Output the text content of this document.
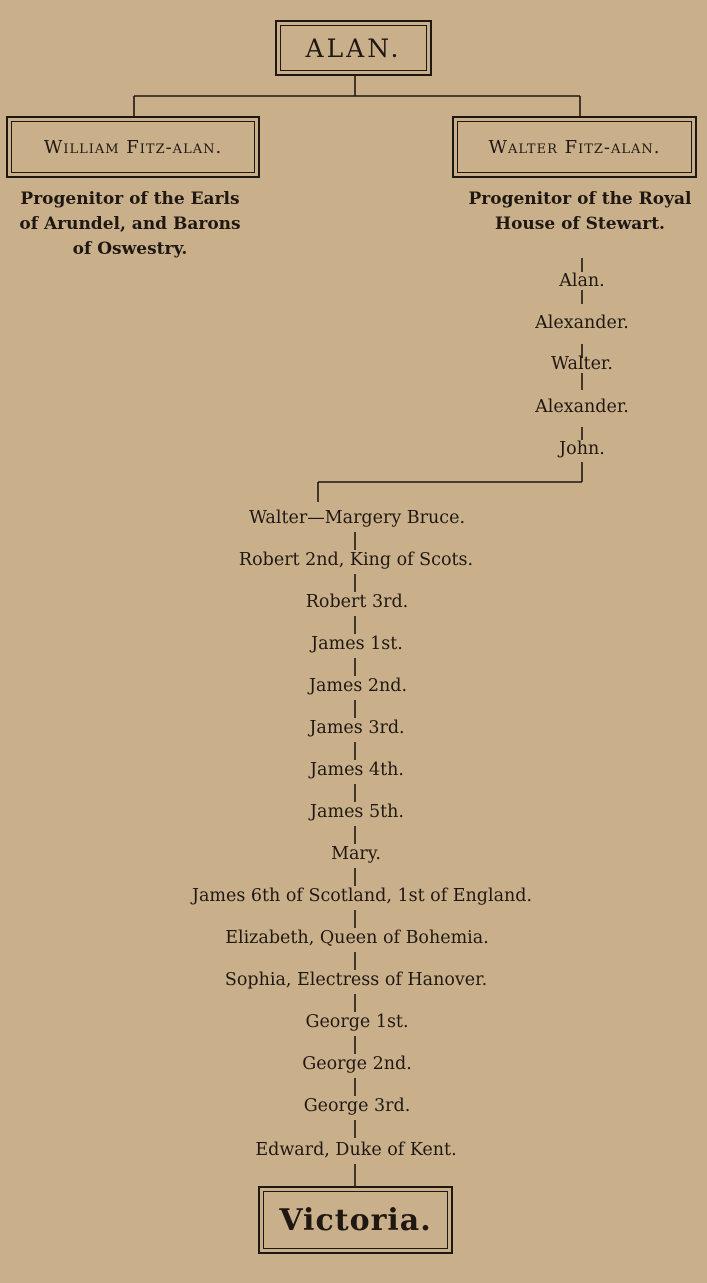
ALAN.
William Fitz-alan.
Progenitor of the Earls
of Arundel, and Barons
of Oswestry.
Walter Fitz-alan.
Progenitor of the Royal
House of Stewart.
Alan.
Alexander.
Walter.
Alexander.
John.
Walter—Margery Bruce.
Robert 2nd, King of Scots.
Robert 3rd.
James 1st.
James 2nd.
James 3rd.
James 4th.
James 5th.
Mary.
James 6th of Scotland, 1st of England.
Elizabeth, Queen of Bohemia.
Sophia, Electress of Hanover.
George 1st.
George 2nd.
George 3rd.
Edward, Duke of Kent.
Victoria.
